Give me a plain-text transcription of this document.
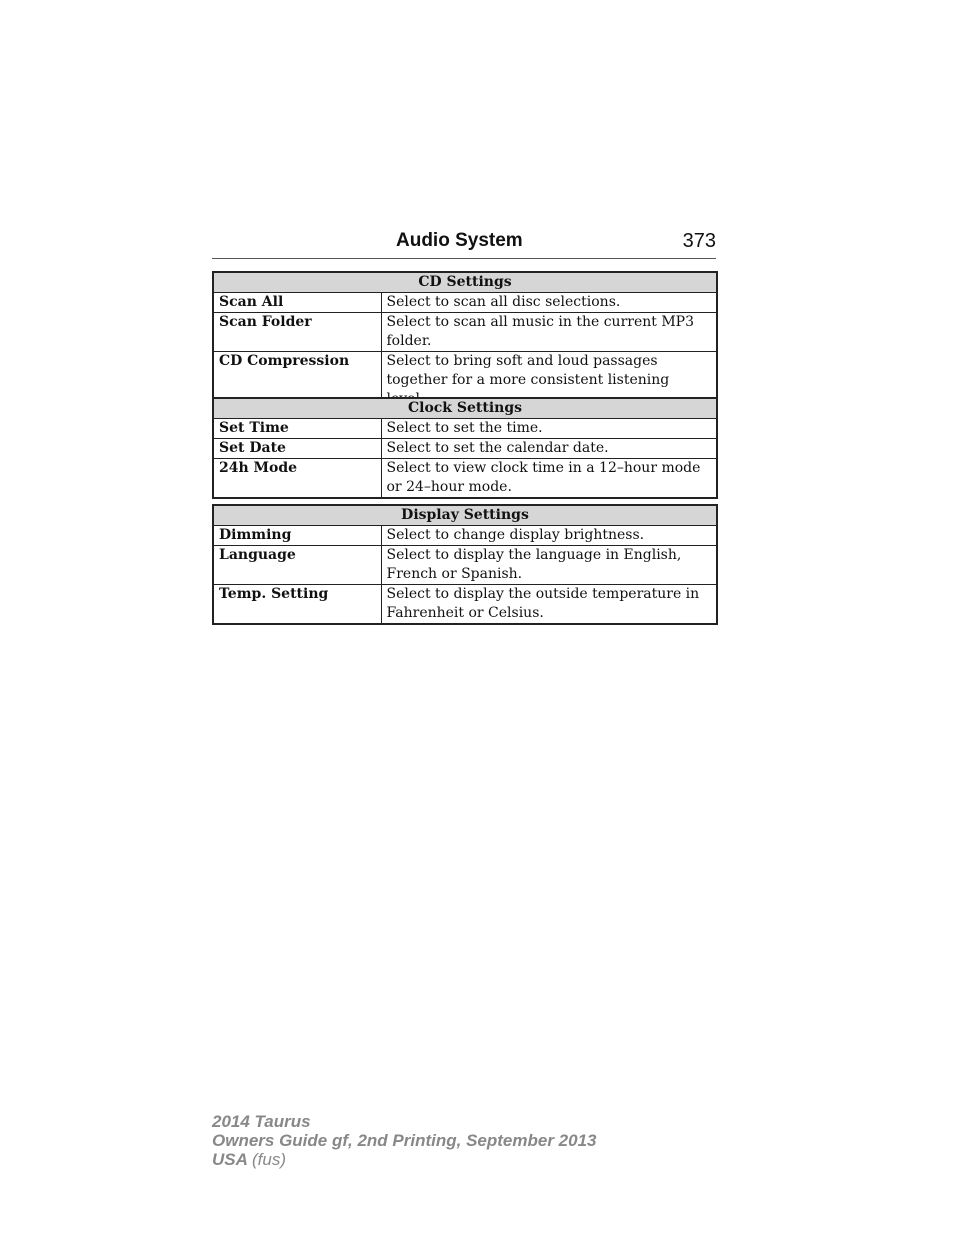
Audio System	373
CD Settings	
Scan All	Select to scan all disc selections.
Scan Folder	Select to scan all music in the current MP3 folder.
CD Compression	Select to bring soft and loud passages together for a more consistent listening
Clock Settings	
Set Time	Select to set the time.
Set Date	Select to set the calendar date.
24h Mode	Select to view clock time in a 12–hour mode or 24–hour mode.
Display Settings	
Dimming	Select to change display brightness.
Language	Select to display the language in English, French or Spanish.
Temp. Setting	Select to display the outside temperature in Fahrenheit or Celsius.
2014 Taurus
Owners Guide gf, 2nd Printing, September 2013
USA (fus)
